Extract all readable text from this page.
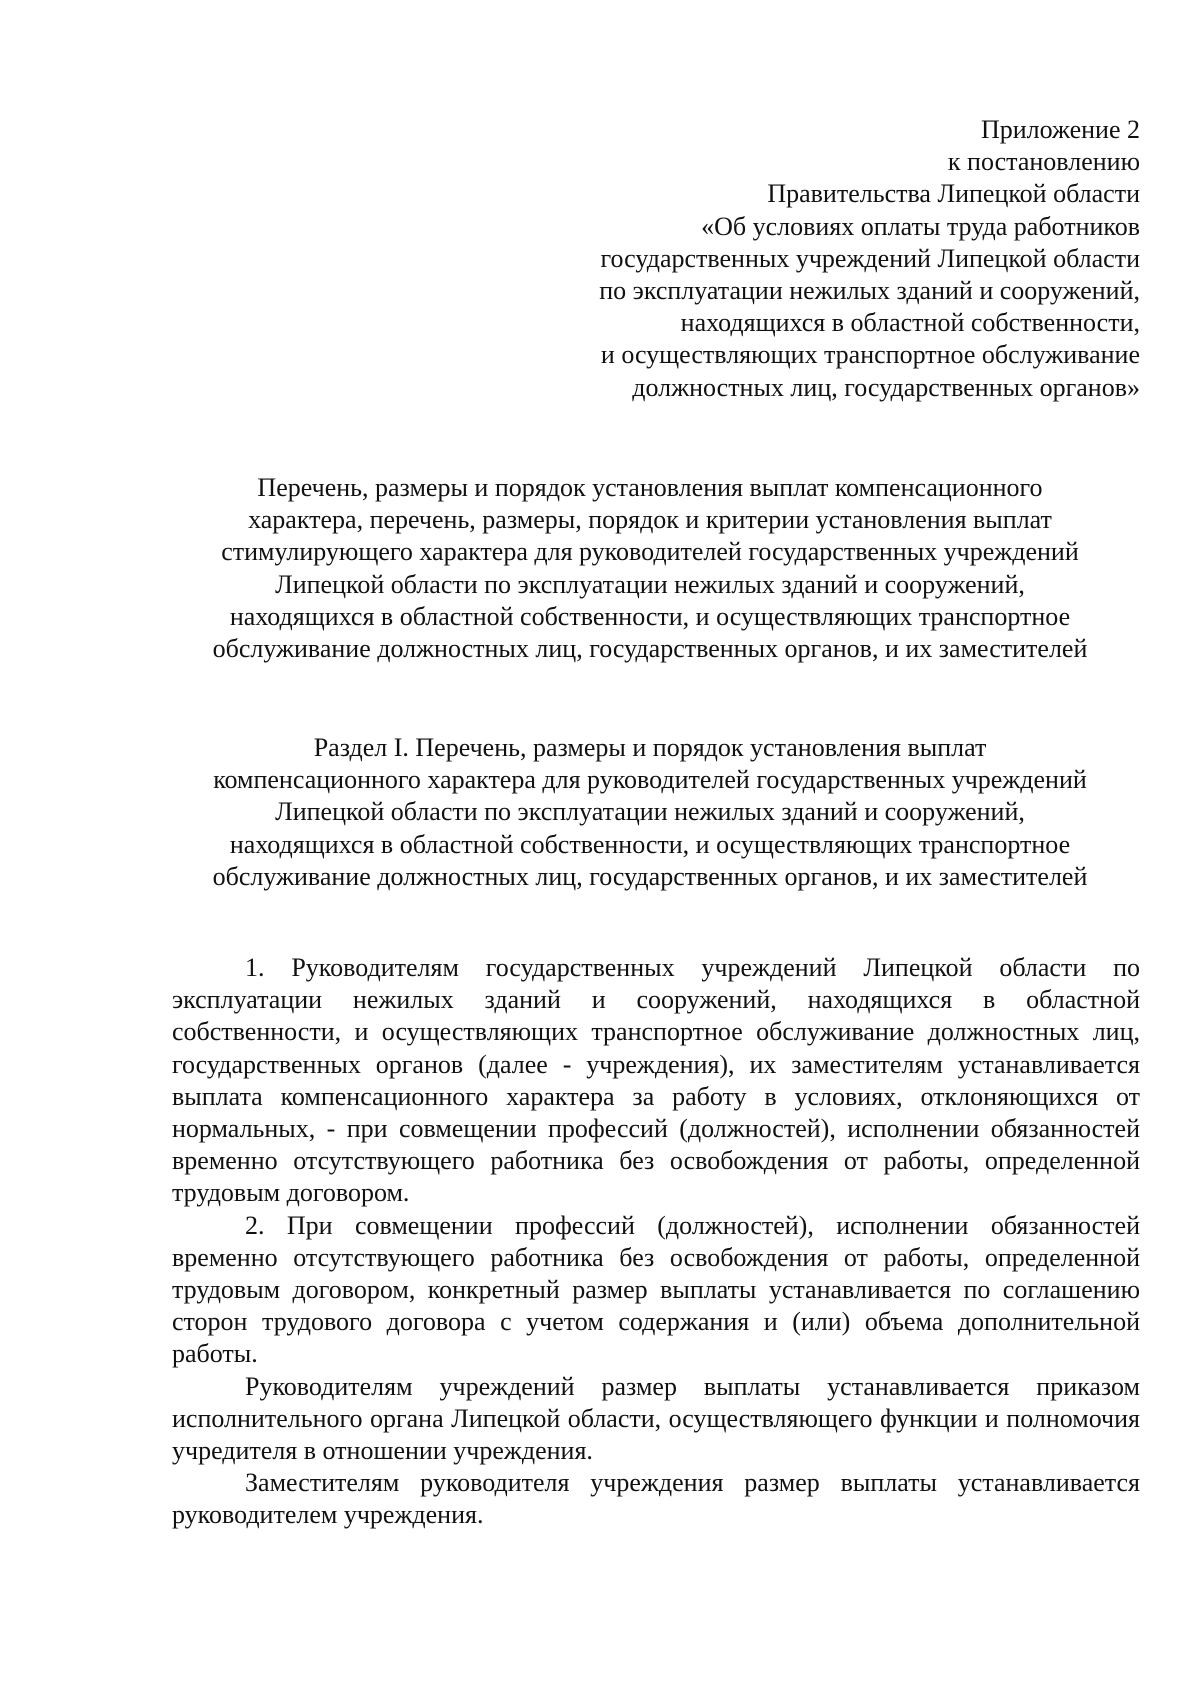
Приложение 2
к постановлению
Правительства Липецкой области
«Об условиях оплаты труда работников
государственных учреждений Липецкой области
по эксплуатации нежилых зданий и сооружений,
находящихся в областной собственности,
и осуществляющих транспортное обслуживание
должностных лиц, государственных органов»
Перечень, размеры и порядок установления выплат компенсационного
характера, перечень, размеры, порядок и критерии установления выплат
стимулирующего характера для руководителей государственных учреждений
Липецкой области по эксплуатации нежилых зданий и сооружений,
находящихся в областной собственности, и осуществляющих транспортное
обслуживание должностных лиц, государственных органов, и их заместителей
Раздел I. Перечень, размеры и порядок установления выплат
компенсационного характера для руководителей государственных учреждений
Липецкой области по эксплуатации нежилых зданий и сооружений,
находящихся в областной собственности, и осуществляющих транспортное
обслуживание должностных лиц, государственных органов, и их заместителей

1. Руководителям государственных учреждений Липецкой области по эксплуатации нежилых зданий и сооружений, находящихся в областной собственности, и осуществляющих транспортное обслуживание должностных лиц, государственных органов (далее - учреждения), их заместителям устанавливается выплата компенсационного характера за работу в условиях, отклоняющихся от нормальных, - при совмещении профессий (должностей), исполнении обязанностей временно отсутствующего работника без освобождения от работы, определенной трудовым договором.

2. При совмещении профессий (должностей), исполнении обязанностей временно отсутствующего работника без освобождения от работы, определенной трудовым договором, конкретный размер выплаты устанавливается по соглашению сторон трудового договора с учетом содержания и (или) объема дополнительной работы.

Руководителям учреждений размер выплаты устанавливается приказом исполнительного органа Липецкой области, осуществляющего функции и полномочия учредителя в отношении учреждения.

Заместителям руководителя учреждения размер выплаты устанавливается руководителем учреждения.
